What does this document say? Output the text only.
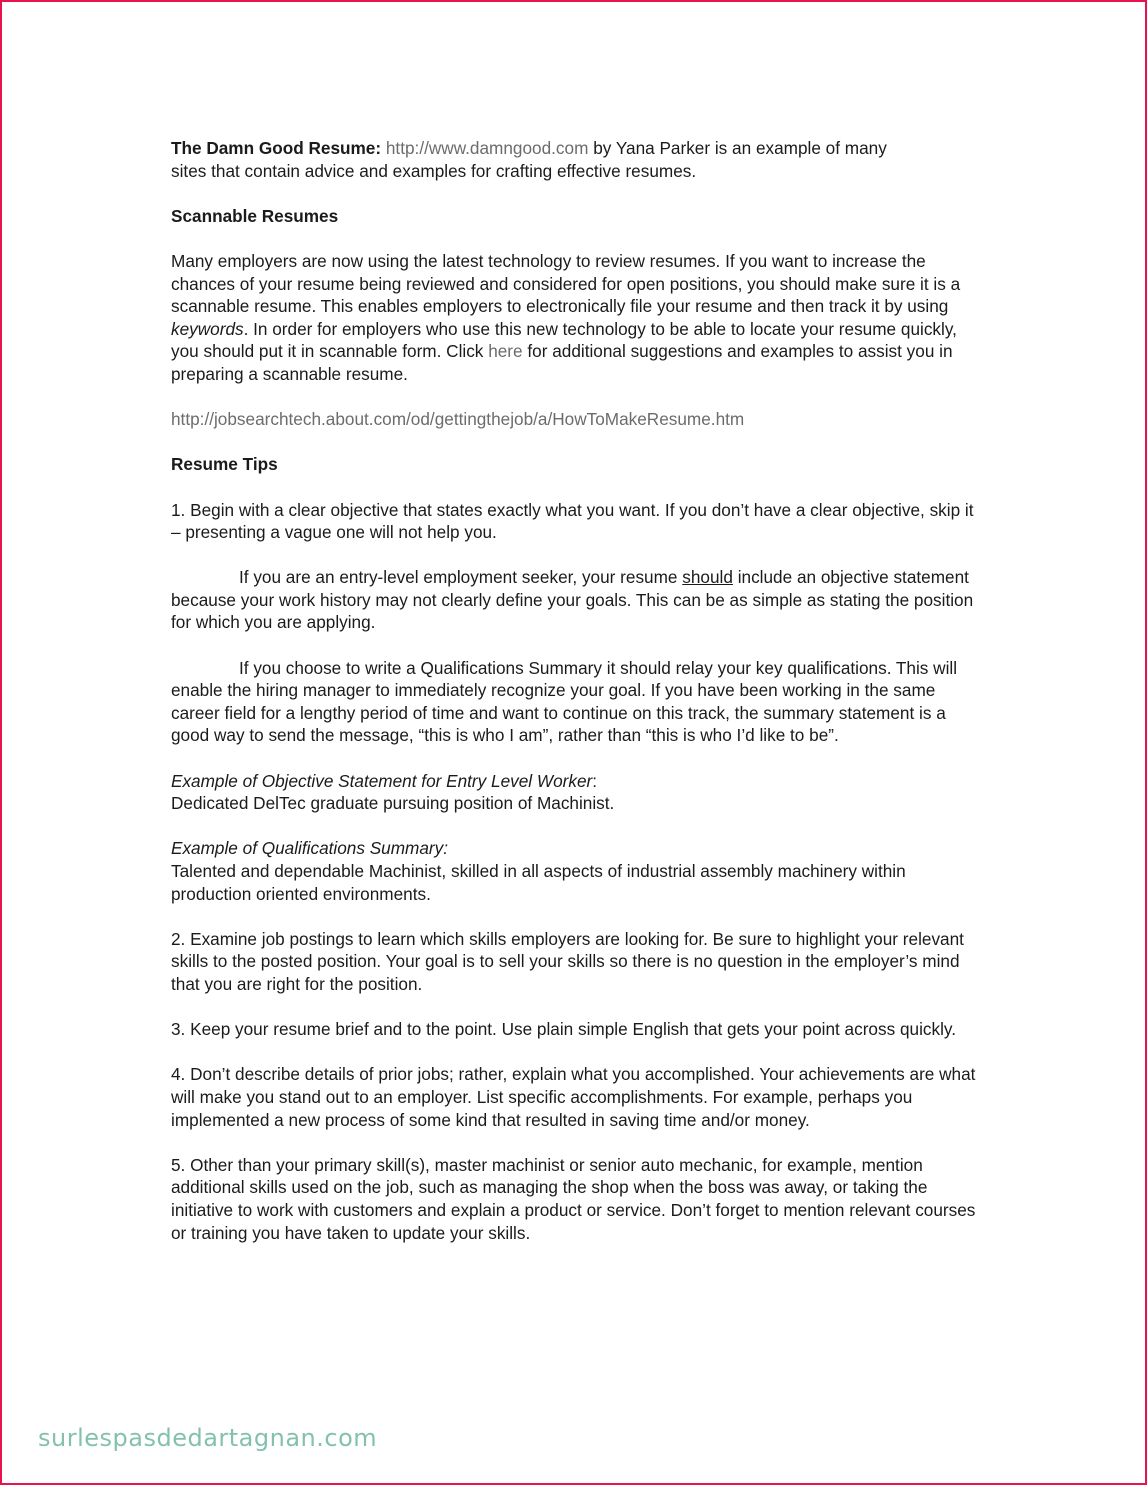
The Damn Good Resume: http://www.damngood.com by Yana Parker is an example of many
sites that contain advice and examples for crafting effective resumes.

Scannable Resumes

Many employers are now using the latest technology to review resumes. If you want to increase the chances of your resume being reviewed and considered for open positions, you should make sure it is a scannable resume. This enables employers to electronically file your resume and then track it by using keywords. In order for employers who use this new technology to be able to locate your resume quickly, you should put it in scannable form. Click here for additional suggestions and examples to assist you in preparing a scannable resume.

http://jobsearchtech.about.com/od/gettingthejob/a/HowToMakeResume.htm

Resume Tips

1. Begin with a clear objective that states exactly what you want. If you don’t have a clear objective, skip it – presenting a vague one will not help you.

If you are an entry-level employment seeker, your resume should include an objective statement because your work history may not clearly define your goals. This can be as simple as stating the position for which you are applying.

If you choose to write a Qualifications Summary it should relay your key qualifications. This will enable the hiring manager to immediately recognize your goal. If you have been working in the same career field for a lengthy period of time and want to continue on this track, the summary statement is a good way to send the message, “this is who I am”, rather than “this is who I’d like to be”.

Example of Objective Statement for Entry Level Worker:
Dedicated DelTec graduate pursuing position of Machinist.

Example of Qualifications Summary:
Talented and dependable Machinist, skilled in all aspects of industrial assembly machinery within production oriented environments.

2. Examine job postings to learn which skills employers are looking for. Be sure to highlight your relevant skills to the posted position. Your goal is to sell your skills so there is no question in the employer’s mind that you are right for the position.

3. Keep your resume brief and to the point. Use plain simple English that gets your point across quickly.

4. Don’t describe details of prior jobs; rather, explain what you accomplished. Your achievements are what will make you stand out to an employer. List specific accomplishments. For example, perhaps you implemented a new process of some kind that resulted in saving time and/or money.

5. Other than your primary skill(s), master machinist or senior auto mechanic, for example, mention additional skills used on the job, such as managing the shop when the boss was away, or taking the initiative to work with customers and explain a product or service. Don’t forget to mention relevant courses or training you have taken to update your skills.

surlespasdedartagnan.com
